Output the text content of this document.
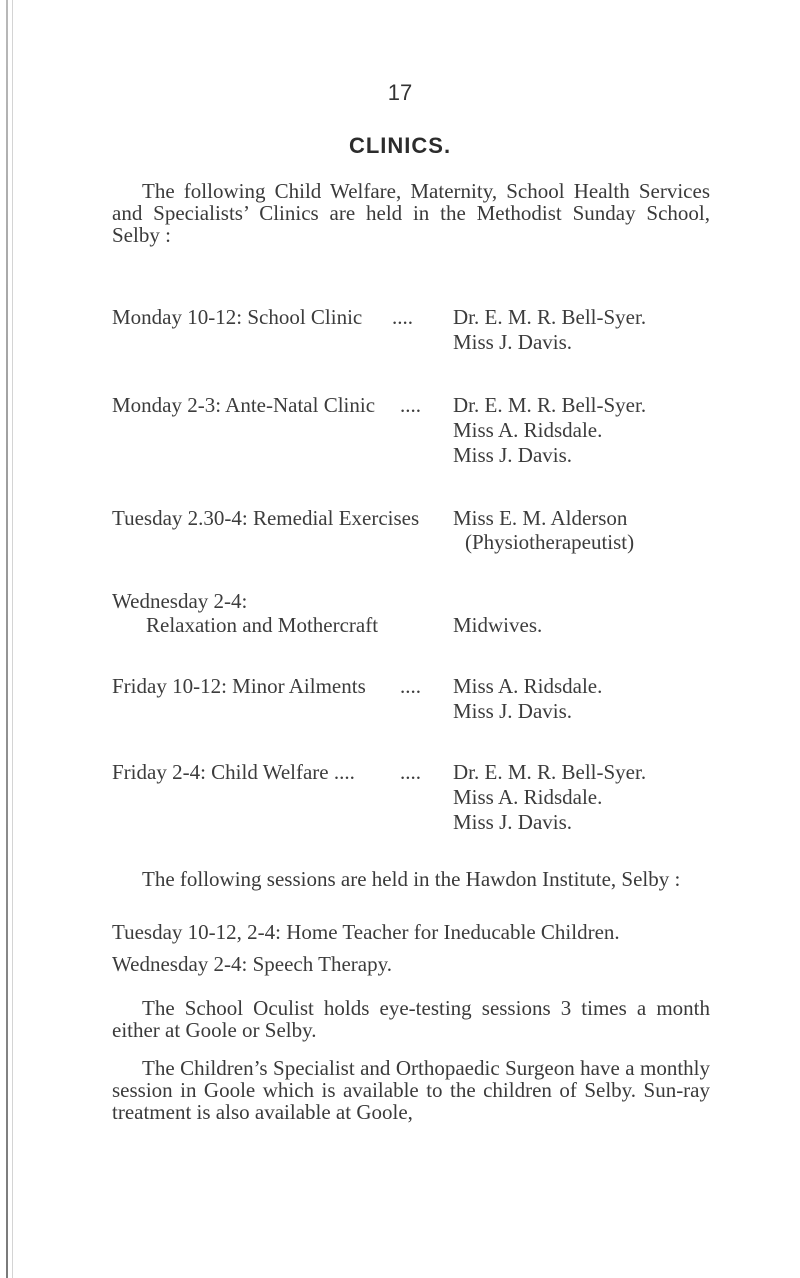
17
CLINICS.

The following Child Welfare, Maternity, School Health Services and Specialists’ Clinics are held in the Methodist Sunday School, Selby :

Monday 10-12: School Clinic .... Dr. E. M. R. Bell-Syer.
Miss J. Davis.
Monday 2-3: Ante-Natal Clinic .... Dr. E. M. R. Bell-Syer.
Miss A. Ridsdale.
Miss J. Davis.
Tuesday 2.30-4: Remedial Exercises Miss E. M. Alderson
(Physiotherapeutist)
Wednesday 2-4:
Relaxation and Mothercraft	Midwives.
Friday 10-12: Minor Ailments .... Miss A. Ridsdale.
Miss J. Davis.
Friday 2-4: Child Welfare .... .... Dr. E. M. R. Bell-Syer.
Miss A. Ridsdale.
Miss J. Davis.

The following sessions are held in the Hawdon Institute, Selby :

Tuesday 10-12, 2-4: Home Teacher for Ineducable Children.
Wednesday 2-4: Speech Therapy.

The School Oculist holds eye-testing sessions 3 times a month either at Goole or Selby.

The Children’s Specialist and Orthopaedic Surgeon have a monthly session in Goole which is available to the children of Selby. Sun-ray treatment is also available at Goole,
